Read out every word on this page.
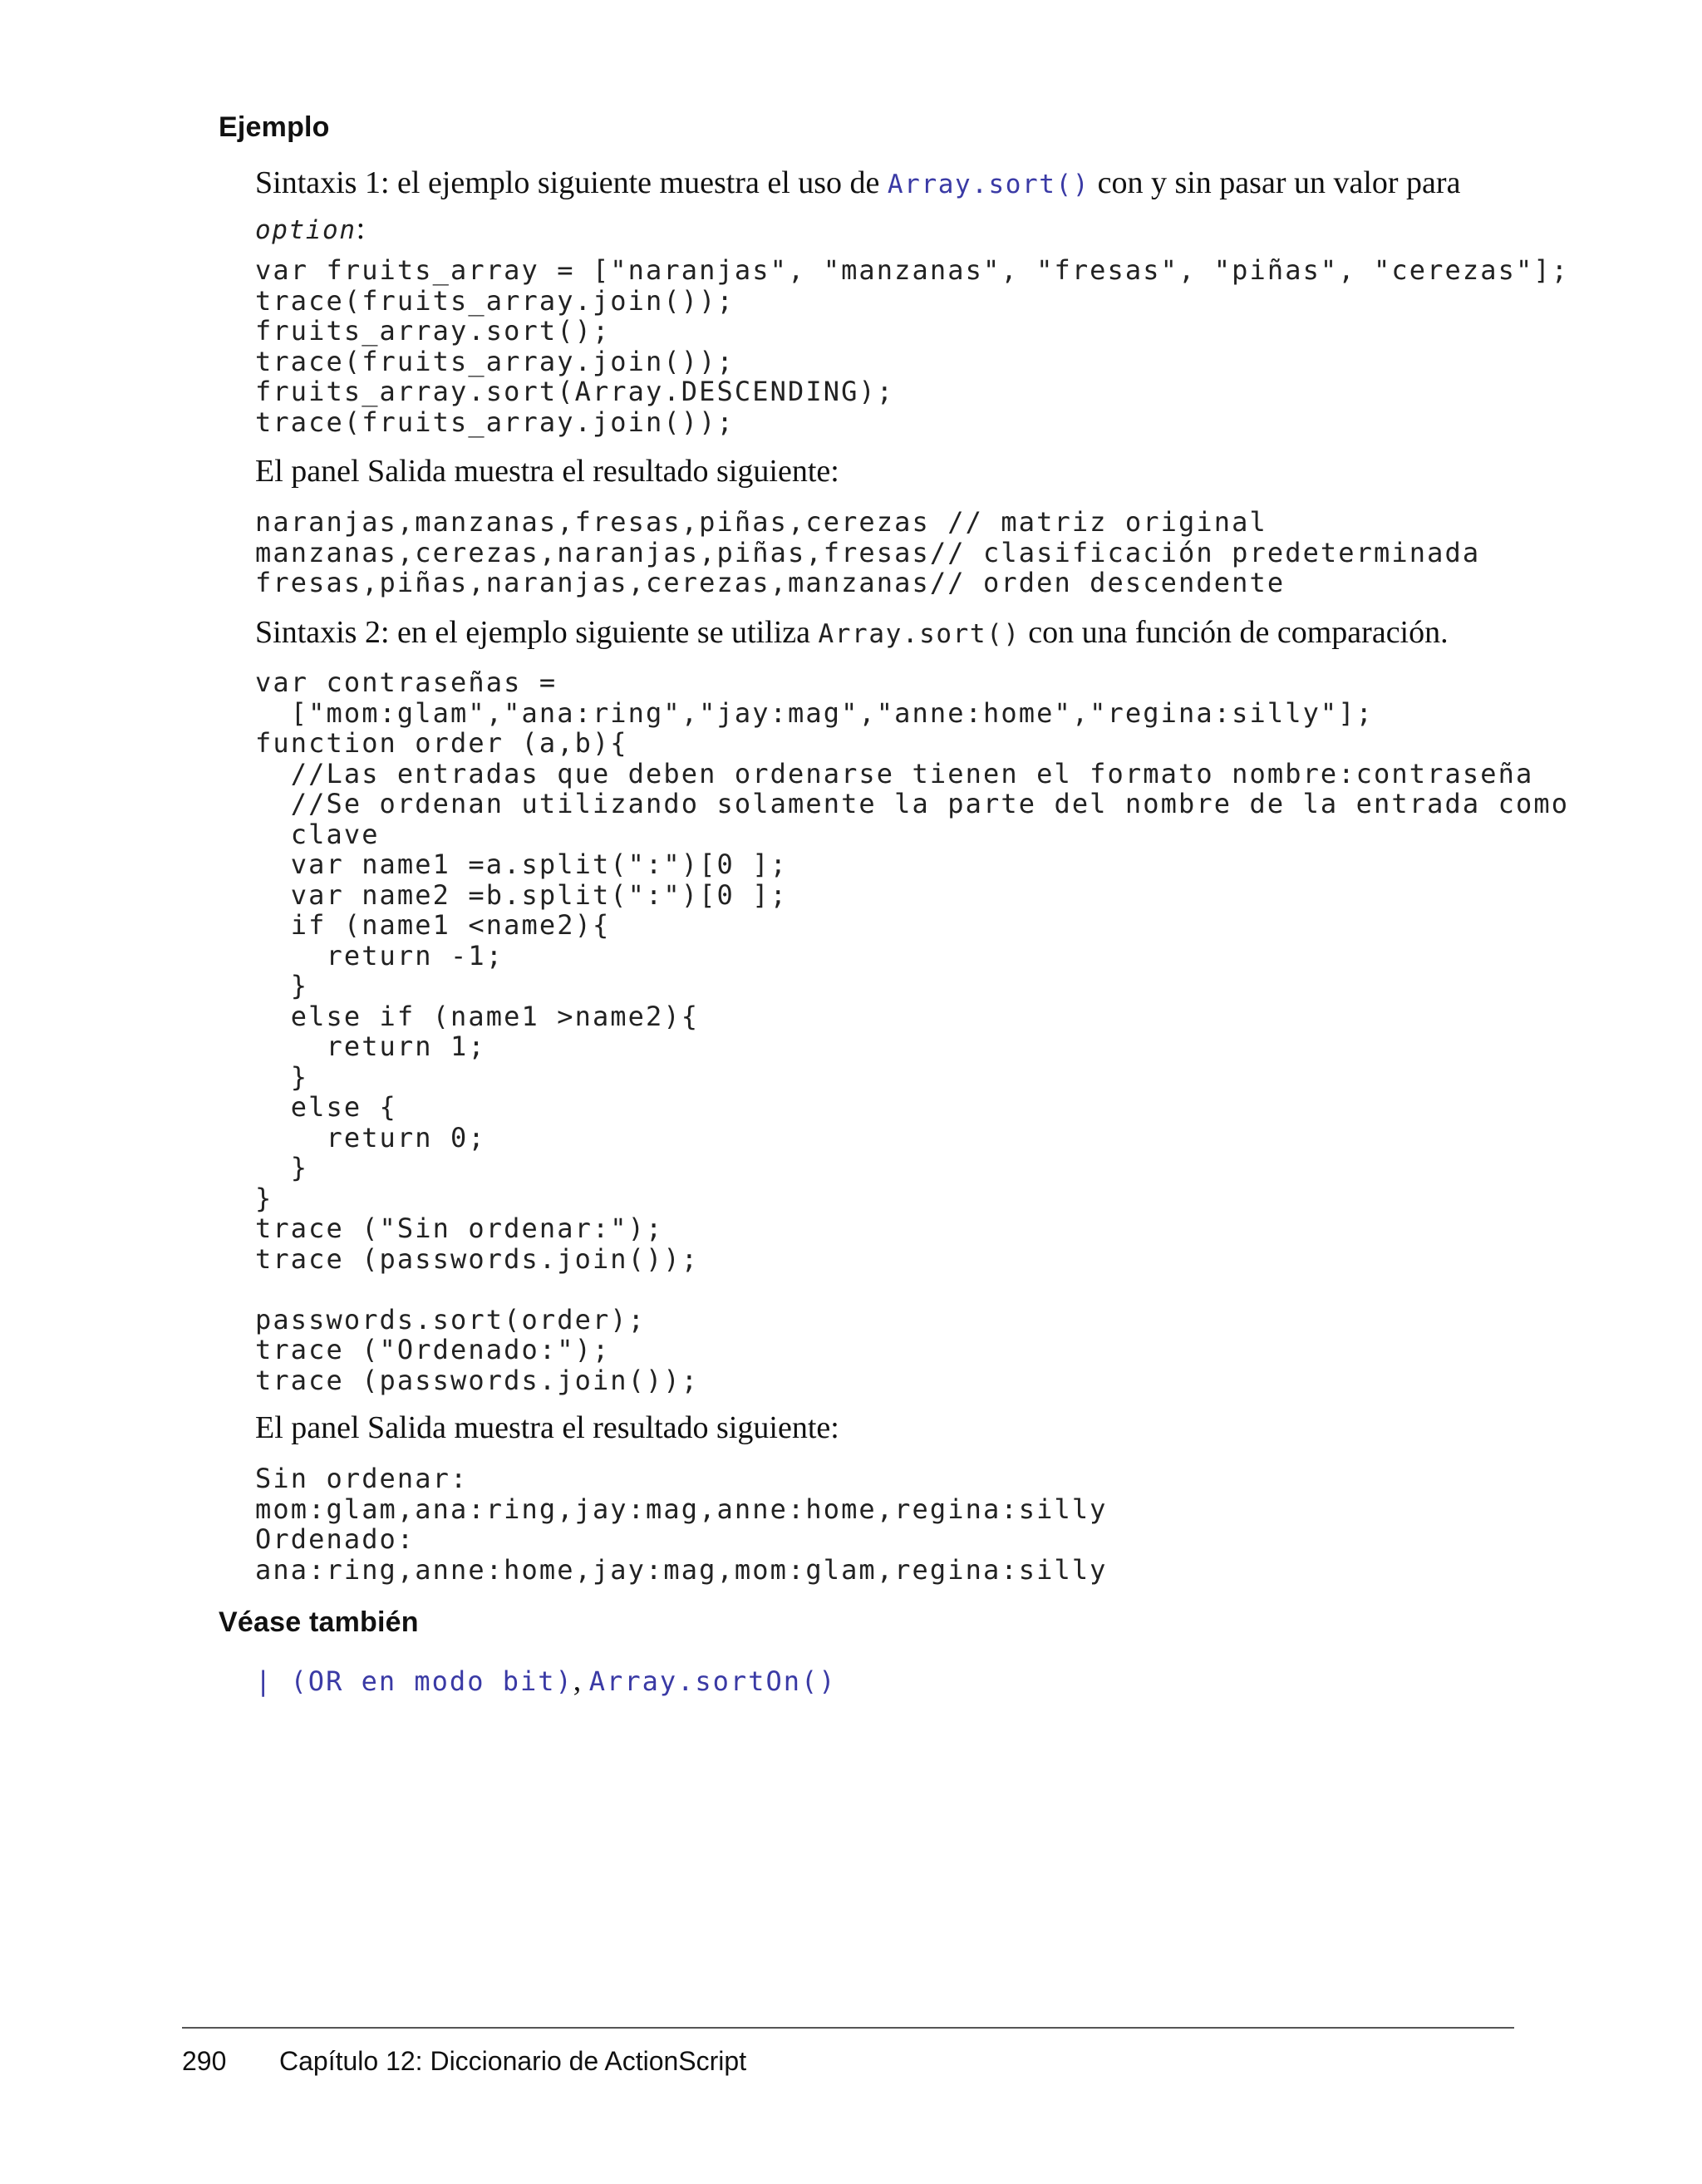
Ejemplo
Sintaxis 1: el ejemplo siguiente muestra el uso de Array.sort() con y sin pasar un valor para
option:
var fruits_array = ["naranjas", "manzanas", "fresas", "piñas", "cerezas"];
trace(fruits_array.join());
fruits_array.sort();
trace(fruits_array.join());
fruits_array.sort(Array.DESCENDING);
trace(fruits_array.join());
El panel Salida muestra el resultado siguiente:
naranjas,manzanas,fresas,piñas,cerezas // matriz original
manzanas,cerezas,naranjas,piñas,fresas// clasificación predeterminada
fresas,piñas,naranjas,cerezas,manzanas// orden descendente
Sintaxis 2: en el ejemplo siguiente se utiliza Array.sort() con una función de comparación.
var contraseñas =
["mom:glam","ana:ring","jay:mag","anne:home","regina:silly"];
function order (a,b){
//Las entradas que deben ordenarse tienen el formato nombre:contraseña
//Se ordenan utilizando solamente la parte del nombre de la entrada como
clave
var name1 =a.split(":")[0 ];
var name2 =b.split(":")[0 ];
if (name1 <name2){
return -1;
}
else if (name1 >name2){
return 1;
}
else {
return 0;
}
}
trace ("Sin ordenar:");
trace (passwords.join());
passwords.sort(order);
trace ("Ordenado:");
trace (passwords.join());
El panel Salida muestra el resultado siguiente:
Sin ordenar:
mom:glam,ana:ring,jay:mag,anne:home,regina:silly
Ordenado:
ana:ring,anne:home,jay:mag,mom:glam,regina:silly
Véase también
| (OR en modo bit), Array.sortOn()
290 Capítulo 12: Diccionario de ActionScript
